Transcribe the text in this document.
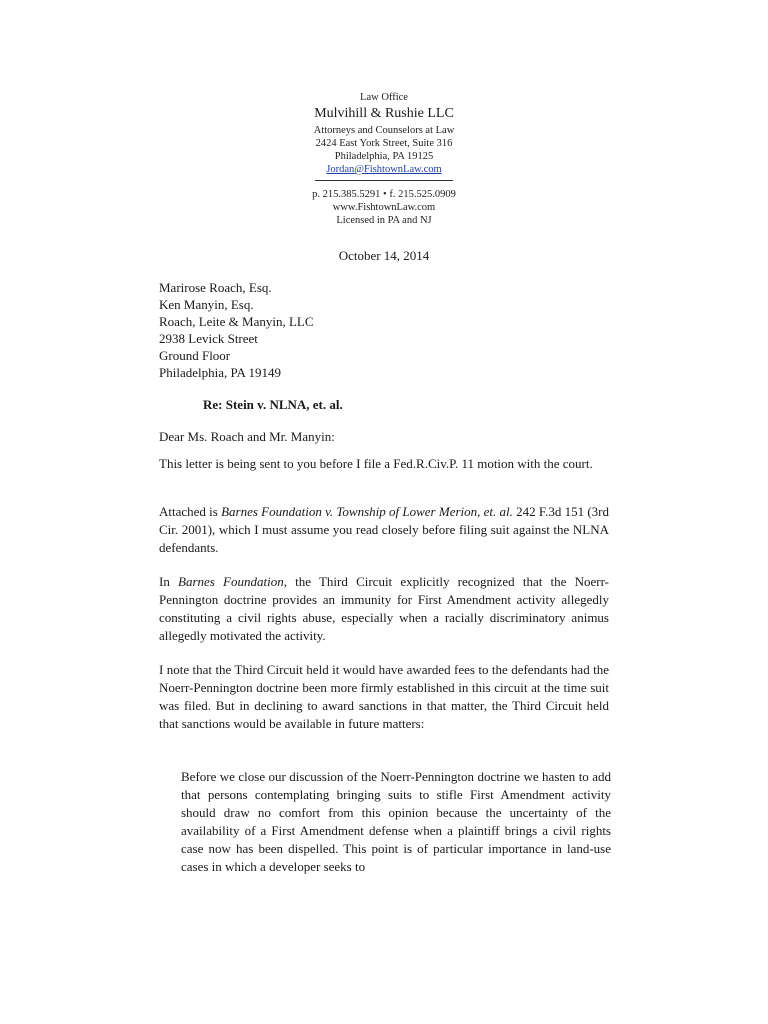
Law Office
Mulvihill & Rushie LLC
Attorneys and Counselors at Law
2424 East York Street, Suite 316
Philadelphia, PA 19125
Jordan@FishtownLaw.com
p. 215.385.5291 • f. 215.525.0909
www.FishtownLaw.com
Licensed in PA and NJ
October 14, 2014
Marirose Roach, Esq.
Ken Manyin, Esq.
Roach, Leite & Manyin, LLC
2938 Levick Street
Ground Floor
Philadelphia, PA 19149
Re: Stein v. NLNA, et. al.
Dear Ms. Roach and Mr. Manyin:
This letter is being sent to you before I file a Fed.R.Civ.P. 11 motion with the court.
Attached is Barnes Foundation v. Township of Lower Merion, et. al. 242 F.3d 151 (3rd Cir. 2001), which I must assume you read closely before filing suit against the NLNA defendants.
In Barnes Foundation, the Third Circuit explicitly recognized that the Noerr-Pennington doctrine provides an immunity for First Amendment activity allegedly constituting a civil rights abuse, especially when a racially discriminatory animus allegedly motivated the activity.
I note that the Third Circuit held it would have awarded fees to the defendants had the Noerr-Pennington doctrine been more firmly established in this circuit at the time suit was filed. But in declining to award sanctions in that matter, the Third Circuit held that sanctions would be available in future matters:
Before we close our discussion of the Noerr-Pennington doctrine we hasten to add that persons contemplating bringing suits to stifle First Amendment activity should draw no comfort from this opinion because the uncertainty of the availability of a First Amendment defense when a plaintiff brings a civil rights case now has been dispelled. This point is of particular importance in land-use cases in which a developer seeks to
